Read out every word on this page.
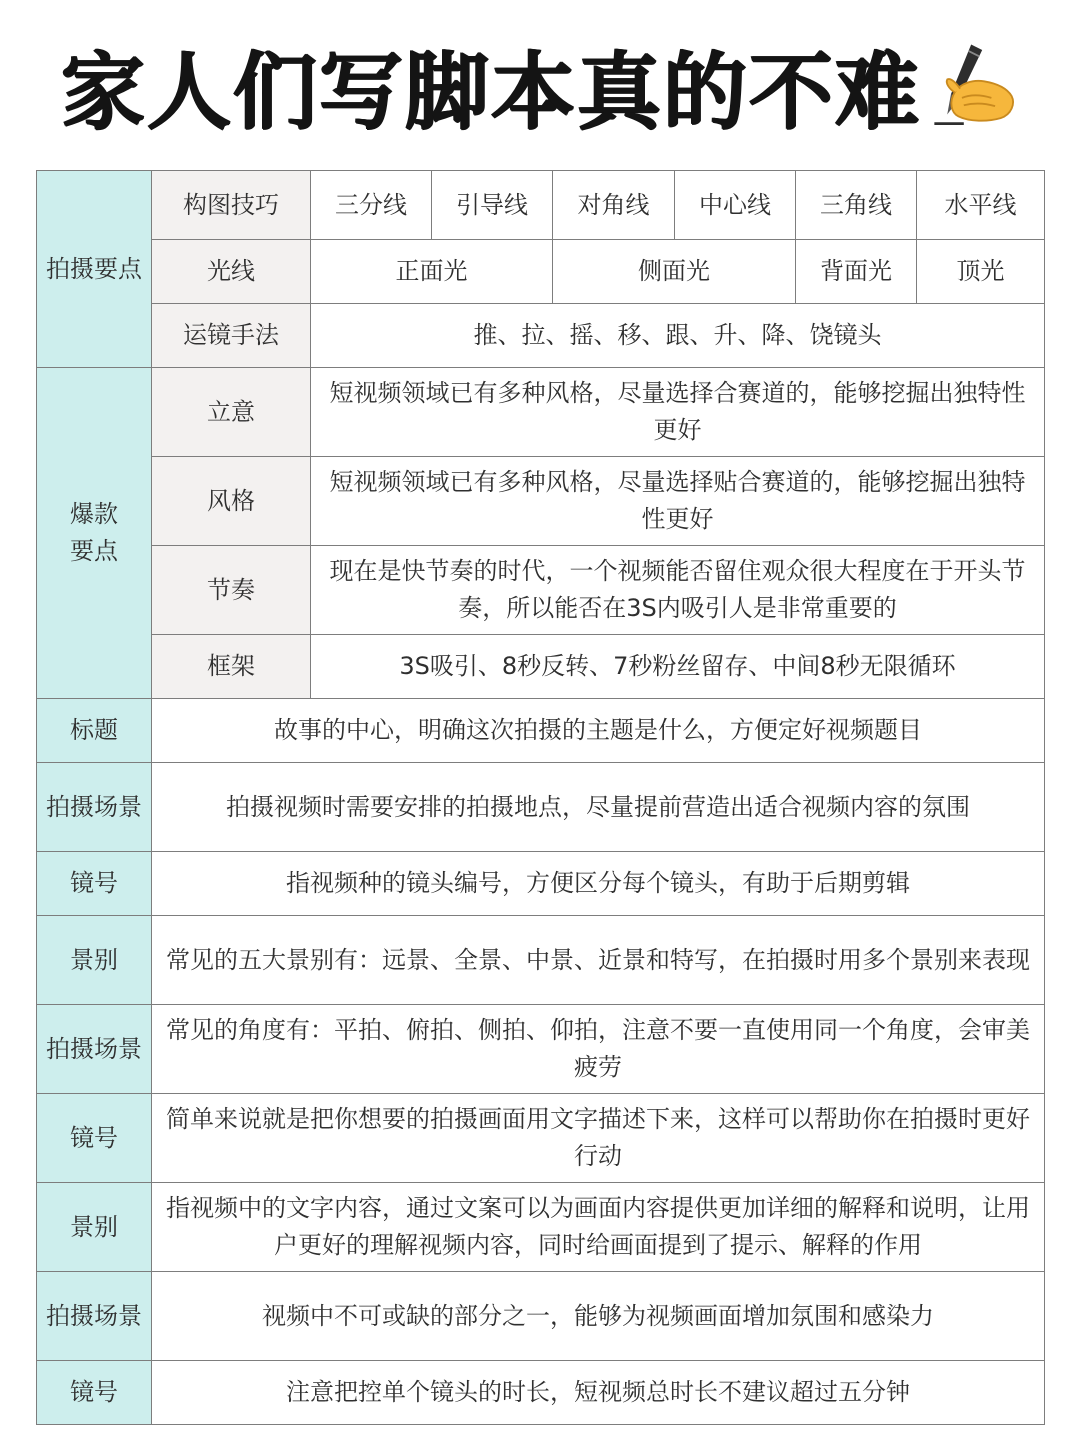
家人们写脚本真的不难
拍摄要点	构图技巧	三分线	引导线	对角线	中心线	三角线	水平线
	光线	正面光		侧面光		背面光	顶光
	运镜手法	推、拉、摇、移、跟、升、降、饶镜头					
爆款
要点	立意	短视频领域已有多种风格，尽量选择合赛道的，能够挖掘出独特性更好					
	风格	短视频领域已有多种风格，尽量选择贴合赛道的，能够挖掘出独特性更好					
	节奏	现在是快节奏的时代，一个视频能否留住观众很大程度在于开头节奏，所以能否在3S内吸引人是非常重要的					
	框架	3S吸引、8秒反转、7秒粉丝留存、中间8秒无限循环					
标题	故事的中心，明确这次拍摄的主题是什么，方便定好视频题目						
拍摄场景	拍摄视频时需要安排的拍摄地点，尽量提前营造出适合视频内容的氛围						
镜号	指视频种的镜头编号，方便区分每个镜头，有助于后期剪辑						
景别	常见的五大景别有：远景、全景、中景、近景和特写，在拍摄时用多个景别来表现						
拍摄场景	常见的角度有：平拍、俯拍、侧拍、仰拍，注意不要一直使用同一个角度，会审美疲劳						
镜号	简单来说就是把你想要的拍摄画面用文字描述下来，这样可以帮助你在拍摄时更好行动						
景别	指视频中的文字内容，通过文案可以为画面内容提供更加详细的解释和说明，让用户更好的理解视频内容，同时给画面提到了提示、解释的作用						
拍摄场景	视频中不可或缺的部分之一，能够为视频画面增加氛围和感染力						
镜号	注意把控单个镜头的时长，短视频总时长不建议超过五分钟						
